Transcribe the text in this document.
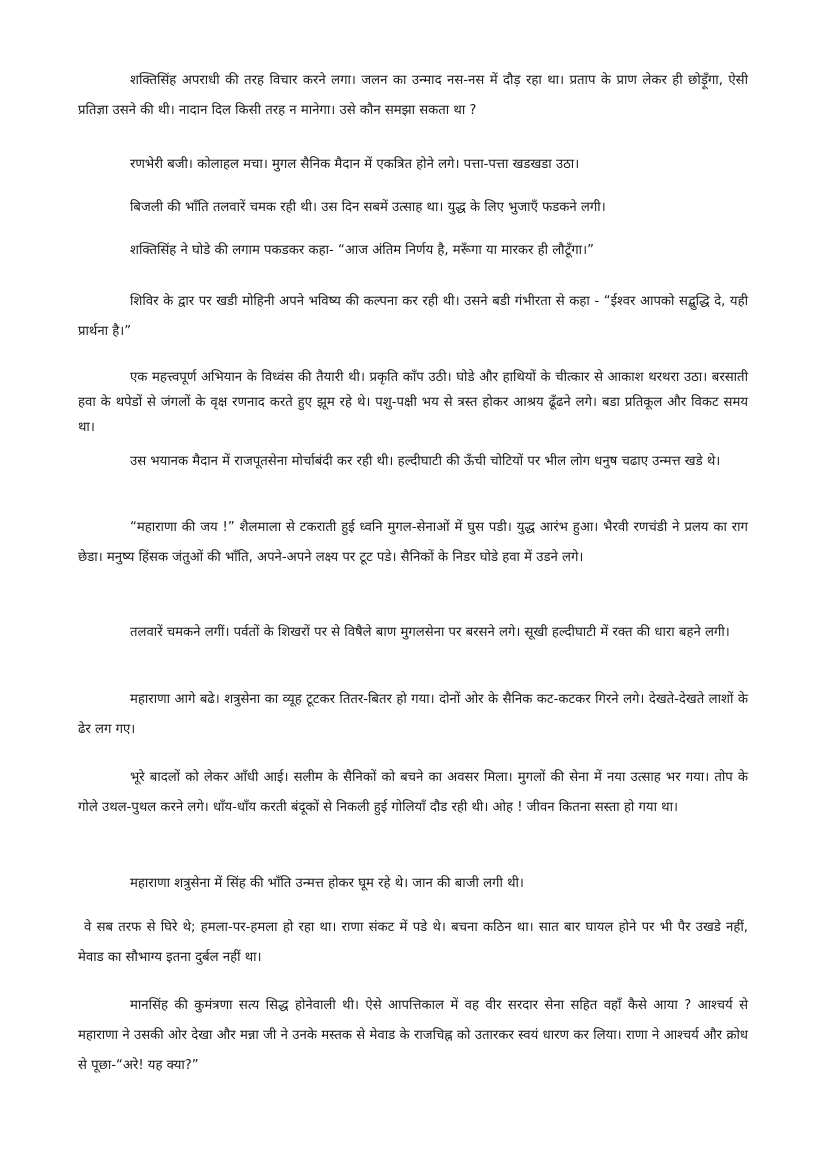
शक्तिसिंह अपराधी की तरह विचार करने लगा। जलन का उन्माद नस-नस में दौड़ रहा था। प्रताप के प्राण लेकर ही छोड़ूँगा, ऐसी प्रतिज्ञा उसने की थी। नादान दिल किसी तरह न मानेगा। उसे कौन समझा सकता था ?

रणभेरी बजी। कोलाहल मचा। मुगल सैनिक मैदान में एकत्रित होने लगे। पत्ता-पत्ता खडखडा उठा।

बिजली की भाँति तलवारें चमक रही थी। उस दिन सबमें उत्साह था। युद्ध के लिए भुजाएँ फडकने लगी।

शक्तिसिंह ने घोडे की लगाम पकडकर कहा- “आज अंतिम निर्णय है, मरूँगा या मारकर ही लौटूँगा।”

शिविर के द्वार पर खडी मोहिनी अपने भविष्य की कल्पना कर रही थी। उसने बडी गंभीरता से कहा - “ईश्वर आपको सद्बुद्धि दे, यही प्रार्थना है।”

एक महत्त्वपूर्ण अभियान के विध्वंस की तैयारी थी। प्रकृति काँप उठी। घोडे और हाथियों के चीत्कार से आकाश थरथरा उठा। बरसाती हवा के थपेडों से जंगलों के वृक्ष रणनाद करते हुए झूम रहे थे। पशु-पक्षी भय से त्रस्त होकर आश्रय ढूँढने लगे। बडा प्रतिकूल और विकट समय था।

उस भयानक मैदान में राजपूतसेना मोर्चाबंदी कर रही थी। हल्दीघाटी की ऊँची चोटियों पर भील लोग धनुष चढाए उन्मत्त खडे थे।

“महाराणा की जय !” शैलमाला से टकराती हुई ध्वनि मुगल-सेनाओं में घुस पडी। युद्ध आरंभ हुआ। भैरवी रणचंडी ने प्रलय का राग छेडा। मनुष्य हिंसक जंतुओं की भाँति, अपने-अपने लक्ष्य पर टूट पडे। सैनिकों के निडर घोडे हवा में उडने लगे।

तलवारें चमकने लगीं। पर्वतों के शिखरों पर से विषैले बाण मुगलसेना पर बरसने लगे। सूखी हल्दीघाटी में रक्त की धारा बहने लगी।

महाराणा आगे बढे। शत्रुसेना का व्यूह टूटकर तितर-बितर हो गया। दोनों ओर के सैनिक कट-कटकर गिरने लगे। देखते-देखते लाशों के ढेर लग गए।

भूरे बादलों को लेकर आँधी आई। सलीम के सैनिकों को बचने का अवसर मिला। मुगलों की सेना में नया उत्साह भर गया। तोप के गोले उथल-पुथल करने लगे। धाँय-धाँय करती बंदूकों से निकली हुई गोलियाँ दौड रही थी। ओह ! जीवन कितना सस्ता हो गया था।

महाराणा शत्रुसेना में सिंह की भाँति उन्मत्त होकर घूम रहे थे। जान की बाजी लगी थी।

वे सब तरफ से घिरे थे; हमला-पर-हमला हो रहा था। राणा संकट में पडे थे। बचना कठिन था। सात बार घायल होने पर भी पैर उखडे नहीं, मेवाड का सौभाग्य इतना दुर्बल नहीं था।

मानसिंह की कुमंत्रणा सत्य सिद्ध होनेवाली थी। ऐसे आपत्तिकाल में वह वीर सरदार सेना सहित वहाँ कैसे आया ? आश्चर्य से महाराणा ने उसकी ओर देखा और मन्ना जी ने उनके मस्तक से मेवाड के राजचिह्न को उतारकर स्वयं धारण कर लिया। राणा ने आश्चर्य और क्रोध से पूछा-“अरे! यह क्या?”
